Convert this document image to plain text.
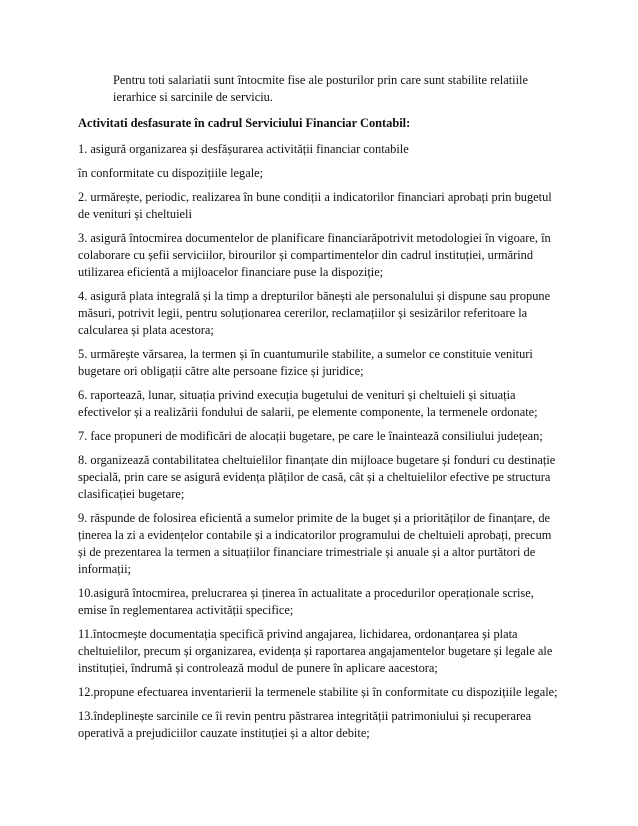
Pentru toti salariatii sunt întocmite fise ale posturilor prin care sunt stabilite relatiile
ierarhice si sarcinile de serviciu.

Activitati desfasurate în cadrul Serviciului Financiar Contabil:

1. asigură organizarea și desfășurarea activității financiar contabile

în conformitate cu dispozițiile legale;

2. urmărește, periodic, realizarea în bune condiții a indicatorilor financiari aprobați prin bugetul
de venituri și cheltuieli

3. asigură întocmirea documentelor de planificare financiarăpotrivit metodologiei în vigoare, în
colaborare cu șefii serviciilor, birourilor și compartimentelor din cadrul instituției, urmărind
utilizarea eficientă a mijloacelor financiare puse la dispoziție;

4. asigură plata integrală și la timp a drepturilor bănești ale personalului și dispune sau propune
măsuri, potrivit legii, pentru soluționarea cererilor, reclamațiilor și sesizărilor referitoare la
calcularea și plata acestora;

5. urmărește vărsarea, la termen și în cuantumurile stabilite, a sumelor ce constituie venituri
bugetare ori obligații către alte persoane fizice și juridice;

6. raportează, lunar, situația privind execuția bugetului de venituri și cheltuieli și situația
efectivelor și a realizării fondului de salarii, pe elemente componente, la termenele ordonate;

7. face propuneri de modificări de alocații bugetare, pe care le înaintează consiliului județean;

8. organizează contabilitatea cheltuielilor finanțate din mijloace bugetare și fonduri cu destinație
specială, prin care se asigură evidența plăților de casă, cât și a cheltuielilor efective pe structura
clasificației bugetare;

9. răspunde de folosirea eficientă a sumelor primite de la buget și a priorităților de finanțare, de
ținerea la zi a evidențelor contabile și a indicatorilor programului de cheltuieli aprobați, precum
și de prezentarea la termen a situațiilor financiare trimestriale și anuale și a altor purtători de
informații;

10.asigură întocmirea, prelucrarea și ținerea în actualitate a procedurilor operaționale scrise,
emise în reglementarea activității specifice;

11.întocmește documentația specifică privind angajarea, lichidarea, ordonanțarea și plata
cheltuielilor, precum și organizarea, evidența și raportarea angajamentelor bugetare și legale ale
instituției, îndrumă și controlează modul de punere în aplicare aacestora;

12.propune efectuarea inventarierii la termenele stabilite și în conformitate cu dispozițiile legale;

13.îndeplinește sarcinile ce îi revin pentru păstrarea integrității patrimoniului și recuperarea
operativă a prejudiciilor cauzate instituției și a altor debite;
